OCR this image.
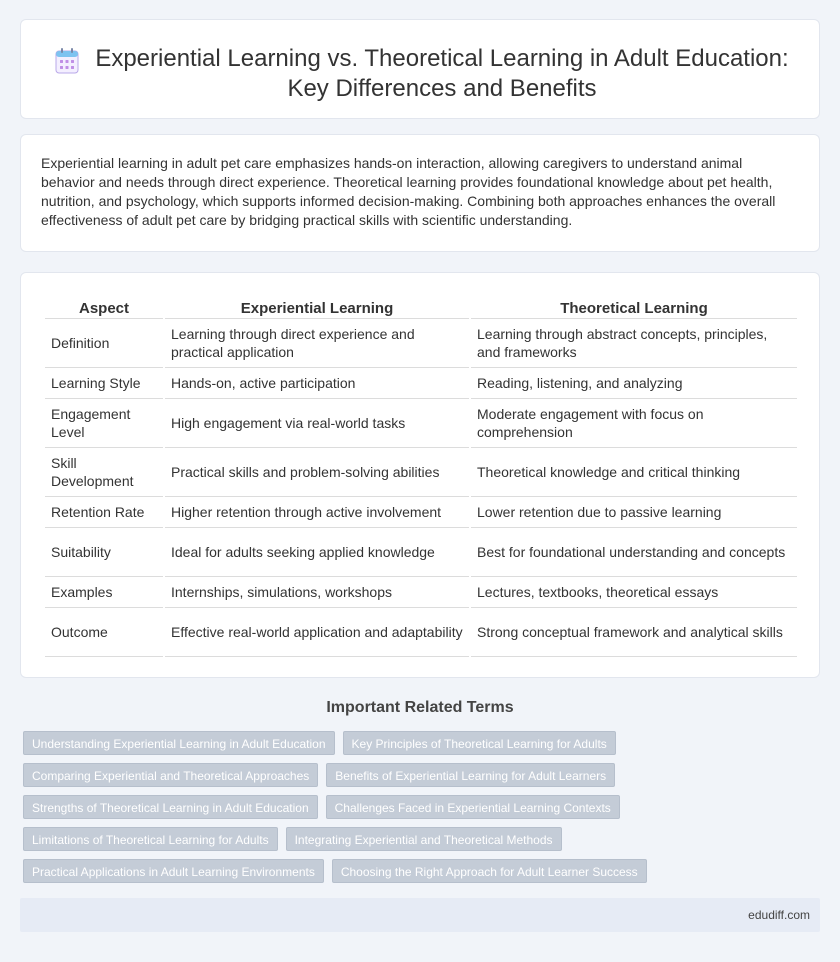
Experiential Learning vs. Theoretical Learning in Adult Education: Key Differences and Benefits

Experiential learning in adult pet care emphasizes hands-on interaction, allowing caregivers to understand animal behavior and needs through direct experience. Theoretical learning provides foundational knowledge about pet health, nutrition, and psychology, which supports informed decision-making. Combining both approaches enhances the overall effectiveness of adult pet care by bridging practical skills with scientific understanding.

Aspect	Experiential Learning	Theoretical Learning
Definition	Learning through direct experience and practical application	Learning through abstract concepts, principles, and frameworks
Learning Style	Hands-on, active participation	Reading, listening, and analyzing
Engagement Level	High engagement via real-world tasks	Moderate engagement with focus on comprehension
Skill Development	Practical skills and problem-solving abilities	Theoretical knowledge and critical thinking
Retention Rate	Higher retention through active involvement	Lower retention due to passive learning
Suitability	Ideal for adults seeking applied knowledge	Best for foundational understanding and concepts
Examples	Internships, simulations, workshops	Lectures, textbooks, theoretical essays
Outcome	Effective real-world application and adaptability	Strong conceptual framework and analytical skills
Important Related Terms
Understanding Experiential Learning in Adult Education	Key Principles of Theoretical Learning for Adults
Comparing Experiential and Theoretical Approaches	Benefits of Experiential Learning for Adult Learners
Strengths of Theoretical Learning in Adult Education	Challenges Faced in Experiential Learning Contexts
Limitations of Theoretical Learning for Adults	Integrating Experiential and Theoretical Methods
Practical Applications in Adult Learning Environments	Choosing the Right Approach for Adult Learner Success
edudiff.com
